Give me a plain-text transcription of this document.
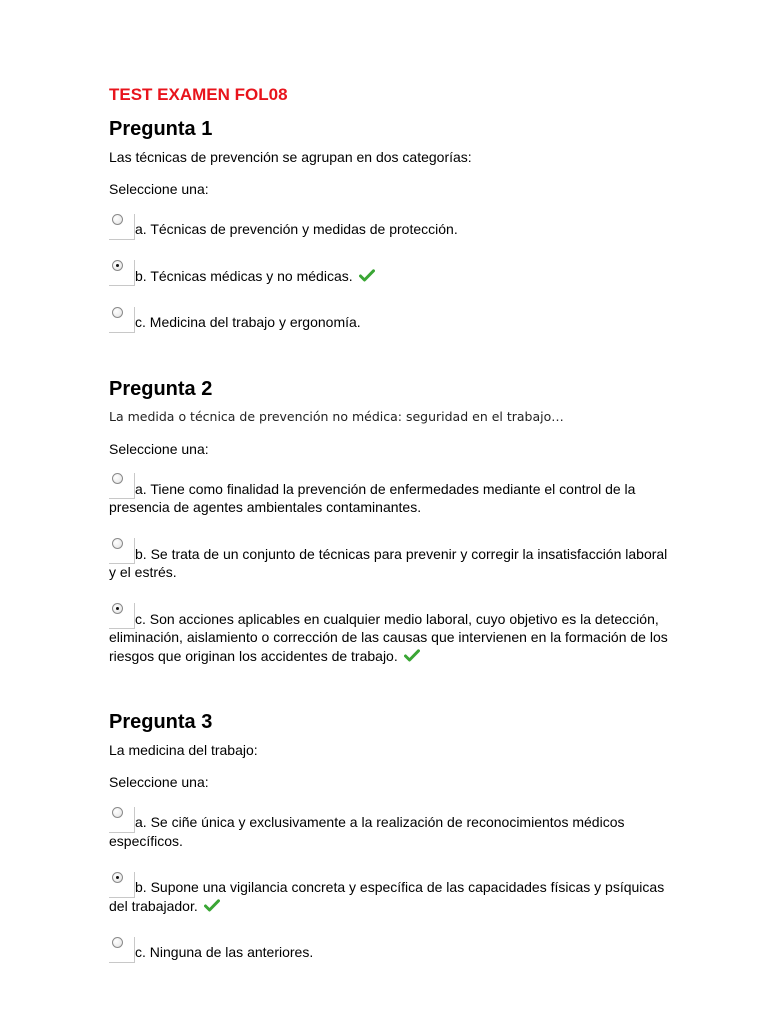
TEST EXAMEN FOL08
Pregunta 1
Las técnicas de prevención se agrupan en dos categorías:
Seleccione una:
a. Técnicas de prevención y medidas de protección.
b. Técnicas médicas y no médicas.
c. Medicina del trabajo y ergonomía.
Pregunta 2
La medida o técnica de prevención no médica: seguridad en el trabajo…
Seleccione una:
a. Tiene como finalidad la prevención de enfermedades mediante el control de la presencia de agentes ambientales contaminantes.
b. Se trata de un conjunto de técnicas para prevenir y corregir la insatisfacción laboral y el estrés.
c. Son acciones aplicables en cualquier medio laboral, cuyo objetivo es la detección, eliminación, aislamiento o corrección de las causas que intervienen en la formación de los riesgos que originan los accidentes de trabajo.
Pregunta 3
La medicina del trabajo:
Seleccione una:
a. Se ciñe única y exclusivamente a la realización de reconocimientos médicos específicos.
b. Supone una vigilancia concreta y específica de las capacidades físicas y psíquicas del trabajador.
c. Ninguna de las anteriores.
